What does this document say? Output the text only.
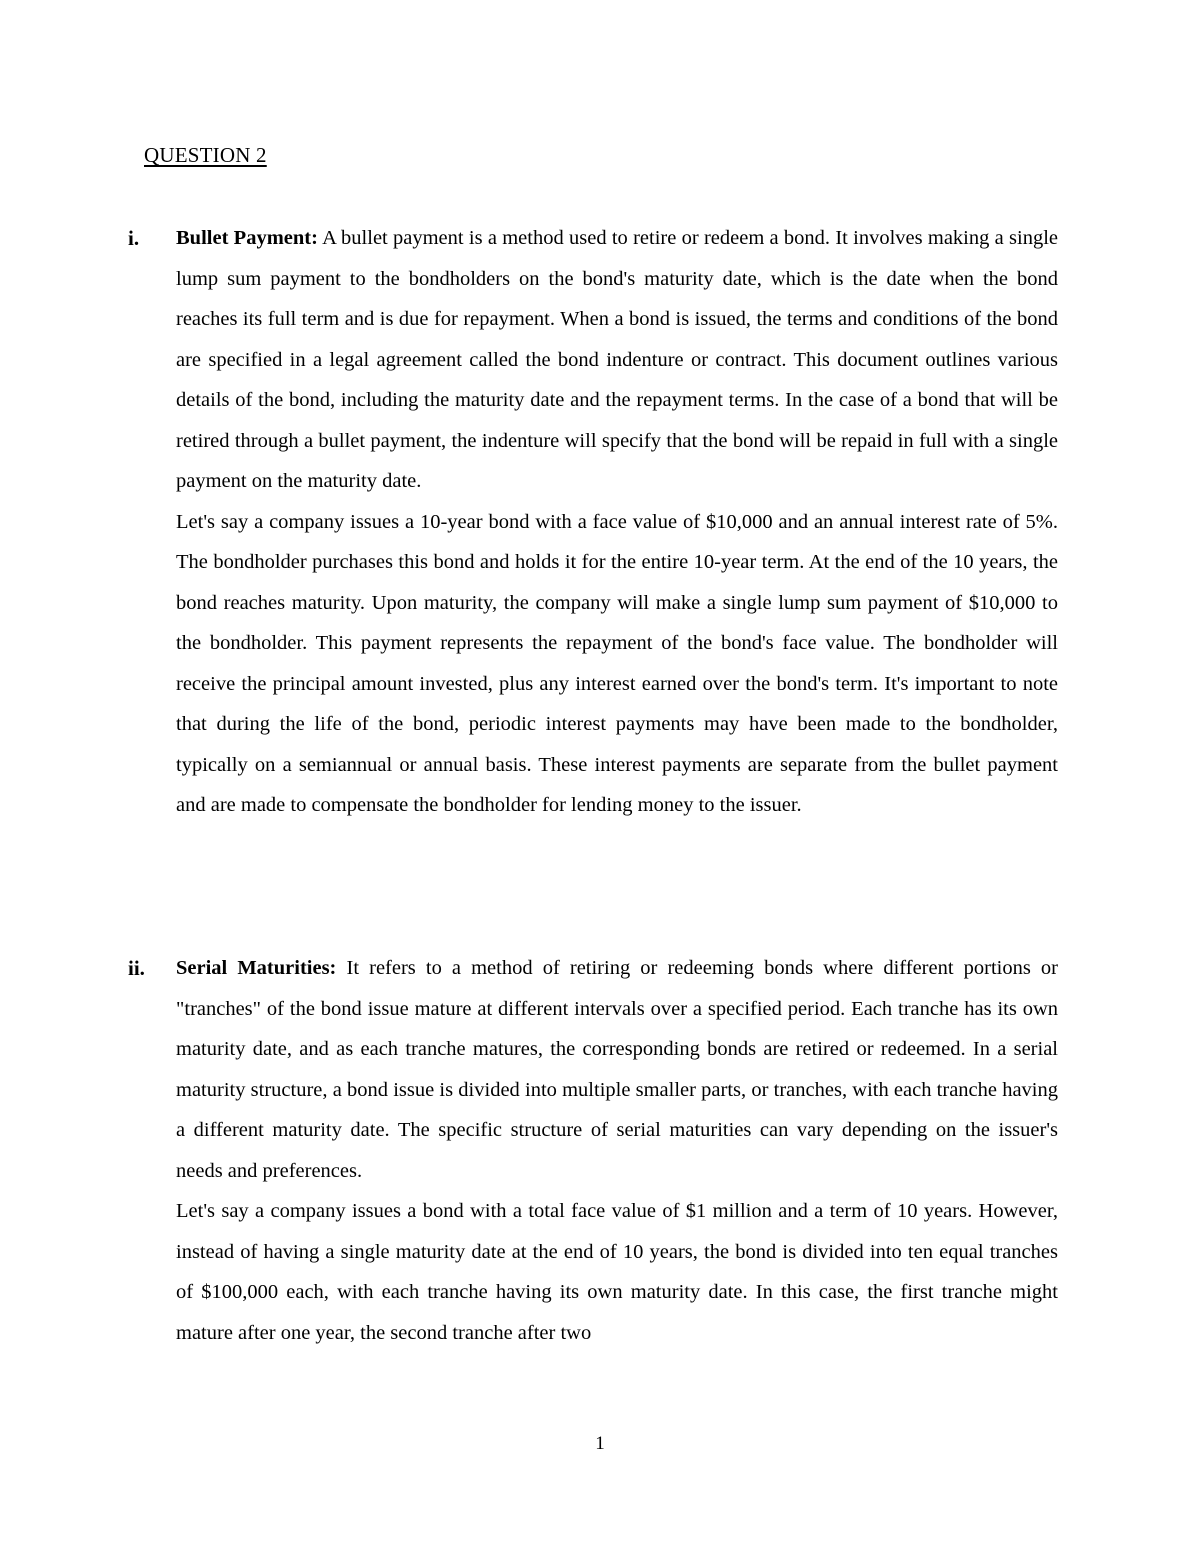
QUESTION 2
i. Bullet Payment: A bullet payment is a method used to retire or redeem a bond. It involves making a single lump sum payment to the bondholders on the bond's maturity date, which is the date when the bond reaches its full term and is due for repayment. When a bond is issued, the terms and conditions of the bond are specified in a legal agreement called the bond indenture or contract. This document outlines various details of the bond, including the maturity date and the repayment terms. In the case of a bond that will be retired through a bullet payment, the indenture will specify that the bond will be repaid in full with a single payment on the maturity date.

Let's say a company issues a 10-year bond with a face value of $10,000 and an annual interest rate of 5%. The bondholder purchases this bond and holds it for the entire 10-year term. At the end of the 10 years, the bond reaches maturity. Upon maturity, the company will make a single lump sum payment of $10,000 to the bondholder. This payment represents the repayment of the bond's face value. The bondholder will receive the principal amount invested, plus any interest earned over the bond's term. It's important to note that during the life of the bond, periodic interest payments may have been made to the bondholder, typically on a semiannual or annual basis. These interest payments are separate from the bullet payment and are made to compensate the bondholder for lending money to the issuer.

ii. Serial Maturities: It refers to a method of retiring or redeeming bonds where different portions or "tranches" of the bond issue mature at different intervals over a specified period. Each tranche has its own maturity date, and as each tranche matures, the corresponding bonds are retired or redeemed. In a serial maturity structure, a bond issue is divided into multiple smaller parts, or tranches, with each tranche having a different maturity date. The specific structure of serial maturities can vary depending on the issuer's needs and preferences.

Let's say a company issues a bond with a total face value of $1 million and a term of 10 years. However, instead of having a single maturity date at the end of 10 years, the bond is divided into ten equal tranches of $100,000 each, with each tranche having its own maturity date. In this case, the first tranche might mature after one year, the second tranche after two

1
